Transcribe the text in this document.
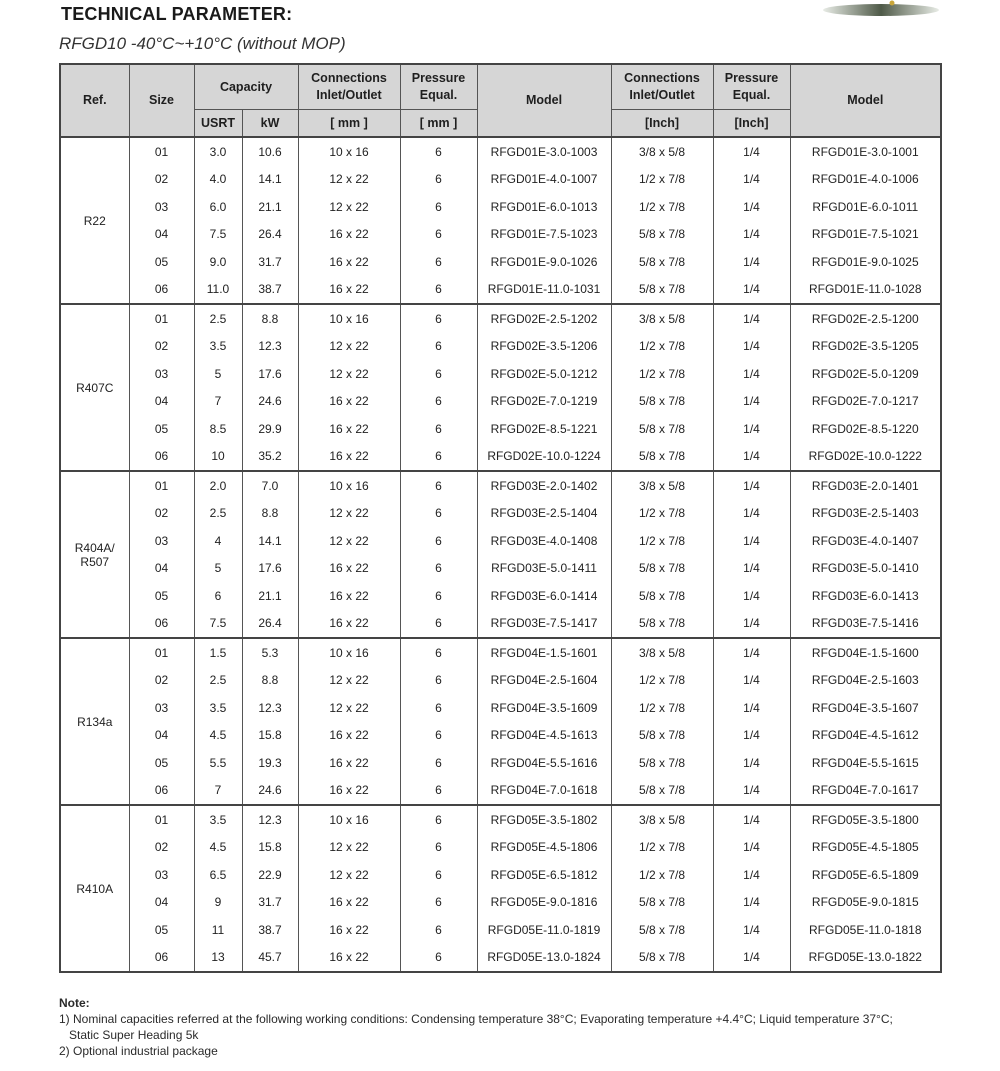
TECHNICAL PARAMETER:
RFGD10 -40°C~+10°C (without MOP)
Ref.	Size	Capacity		Connections Inlet/Outlet	Pressure Equal.	Model	Connections Inlet/Outlet	Pressure Equal.	Model
		USRT	kW	[ mm ]	[ mm ]		[Inch]	[Inch]	
R22	01	3.0	10.6	10 x 16	6	RFGD01E-3.0-1003	3/8 x 5/8	1/4	RFGD01E-3.0-1001
	02	4.0	14.1	12 x 22	6	RFGD01E-4.0-1007	1/2 x 7/8	1/4	RFGD01E-4.0-1006
	03	6.0	21.1	12 x 22	6	RFGD01E-6.0-1013	1/2 x 7/8	1/4	RFGD01E-6.0-1011
	04	7.5	26.4	16 x 22	6	RFGD01E-7.5-1023	5/8 x 7/8	1/4	RFGD01E-7.5-1021
	05	9.0	31.7	16 x 22	6	RFGD01E-9.0-1026	5/8 x 7/8	1/4	RFGD01E-9.0-1025
	06	11.0	38.7	16 x 22	6	RFGD01E-11.0-1031	5/8 x 7/8	1/4	RFGD01E-11.0-1028
R407C	01	2.5	8.8	10 x 16	6	RFGD02E-2.5-1202	3/8 x 5/8	1/4	RFGD02E-2.5-1200
	02	3.5	12.3	12 x 22	6	RFGD02E-3.5-1206	1/2 x 7/8	1/4	RFGD02E-3.5-1205
	03	5	17.6	12 x 22	6	RFGD02E-5.0-1212	1/2 x 7/8	1/4	RFGD02E-5.0-1209
	04	7	24.6	16 x 22	6	RFGD02E-7.0-1219	5/8 x 7/8	1/4	RFGD02E-7.0-1217
	05	8.5	29.9	16 x 22	6	RFGD02E-8.5-1221	5/8 x 7/8	1/4	RFGD02E-8.5-1220
	06	10	35.2	16 x 22	6	RFGD02E-10.0-1224	5/8 x 7/8	1/4	RFGD02E-10.0-1222
R404A/ R507	01	2.0	7.0	10 x 16	6	RFGD03E-2.0-1402	3/8 x 5/8	1/4	RFGD03E-2.0-1401
	02	2.5	8.8	12 x 22	6	RFGD03E-2.5-1404	1/2 x 7/8	1/4	RFGD03E-2.5-1403
	03	4	14.1	12 x 22	6	RFGD03E-4.0-1408	1/2 x 7/8	1/4	RFGD03E-4.0-1407
	04	5	17.6	16 x 22	6	RFGD03E-5.0-1411	5/8 x 7/8	1/4	RFGD03E-5.0-1410
	05	6	21.1	16 x 22	6	RFGD03E-6.0-1414	5/8 x 7/8	1/4	RFGD03E-6.0-1413
	06	7.5	26.4	16 x 22	6	RFGD03E-7.5-1417	5/8 x 7/8	1/4	RFGD03E-7.5-1416
R134a	01	1.5	5.3	10 x 16	6	RFGD04E-1.5-1601	3/8 x 5/8	1/4	RFGD04E-1.5-1600
	02	2.5	8.8	12 x 22	6	RFGD04E-2.5-1604	1/2 x 7/8	1/4	RFGD04E-2.5-1603
	03	3.5	12.3	12 x 22	6	RFGD04E-3.5-1609	1/2 x 7/8	1/4	RFGD04E-3.5-1607
	04	4.5	15.8	16 x 22	6	RFGD04E-4.5-1613	5/8 x 7/8	1/4	RFGD04E-4.5-1612
	05	5.5	19.3	16 x 22	6	RFGD04E-5.5-1616	5/8 x 7/8	1/4	RFGD04E-5.5-1615
	06	7	24.6	16 x 22	6	RFGD04E-7.0-1618	5/8 x 7/8	1/4	RFGD04E-7.0-1617
R410A	01	3.5	12.3	10 x 16	6	RFGD05E-3.5-1802	3/8 x 5/8	1/4	RFGD05E-3.5-1800
	02	4.5	15.8	12 x 22	6	RFGD05E-4.5-1806	1/2 x 7/8	1/4	RFGD05E-4.5-1805
	03	6.5	22.9	12 x 22	6	RFGD05E-6.5-1812	1/2 x 7/8	1/4	RFGD05E-6.5-1809
	04	9	31.7	16 x 22	6	RFGD05E-9.0-1816	5/8 x 7/8	1/4	RFGD05E-9.0-1815
	05	11	38.7	16 x 22	6	RFGD05E-11.0-1819	5/8 x 7/8	1/4	RFGD05E-11.0-1818
	06	13	45.7	16 x 22	6	RFGD05E-13.0-1824	5/8 x 7/8	1/4	RFGD05E-13.0-1822
Note:
1) Nominal capacities referred at the following working conditions: Condensing temperature 38°C; Evaporating temperature +4.4°C; Liquid temperature 37°C;
Static Super Heading 5k
2) Optional industrial package
